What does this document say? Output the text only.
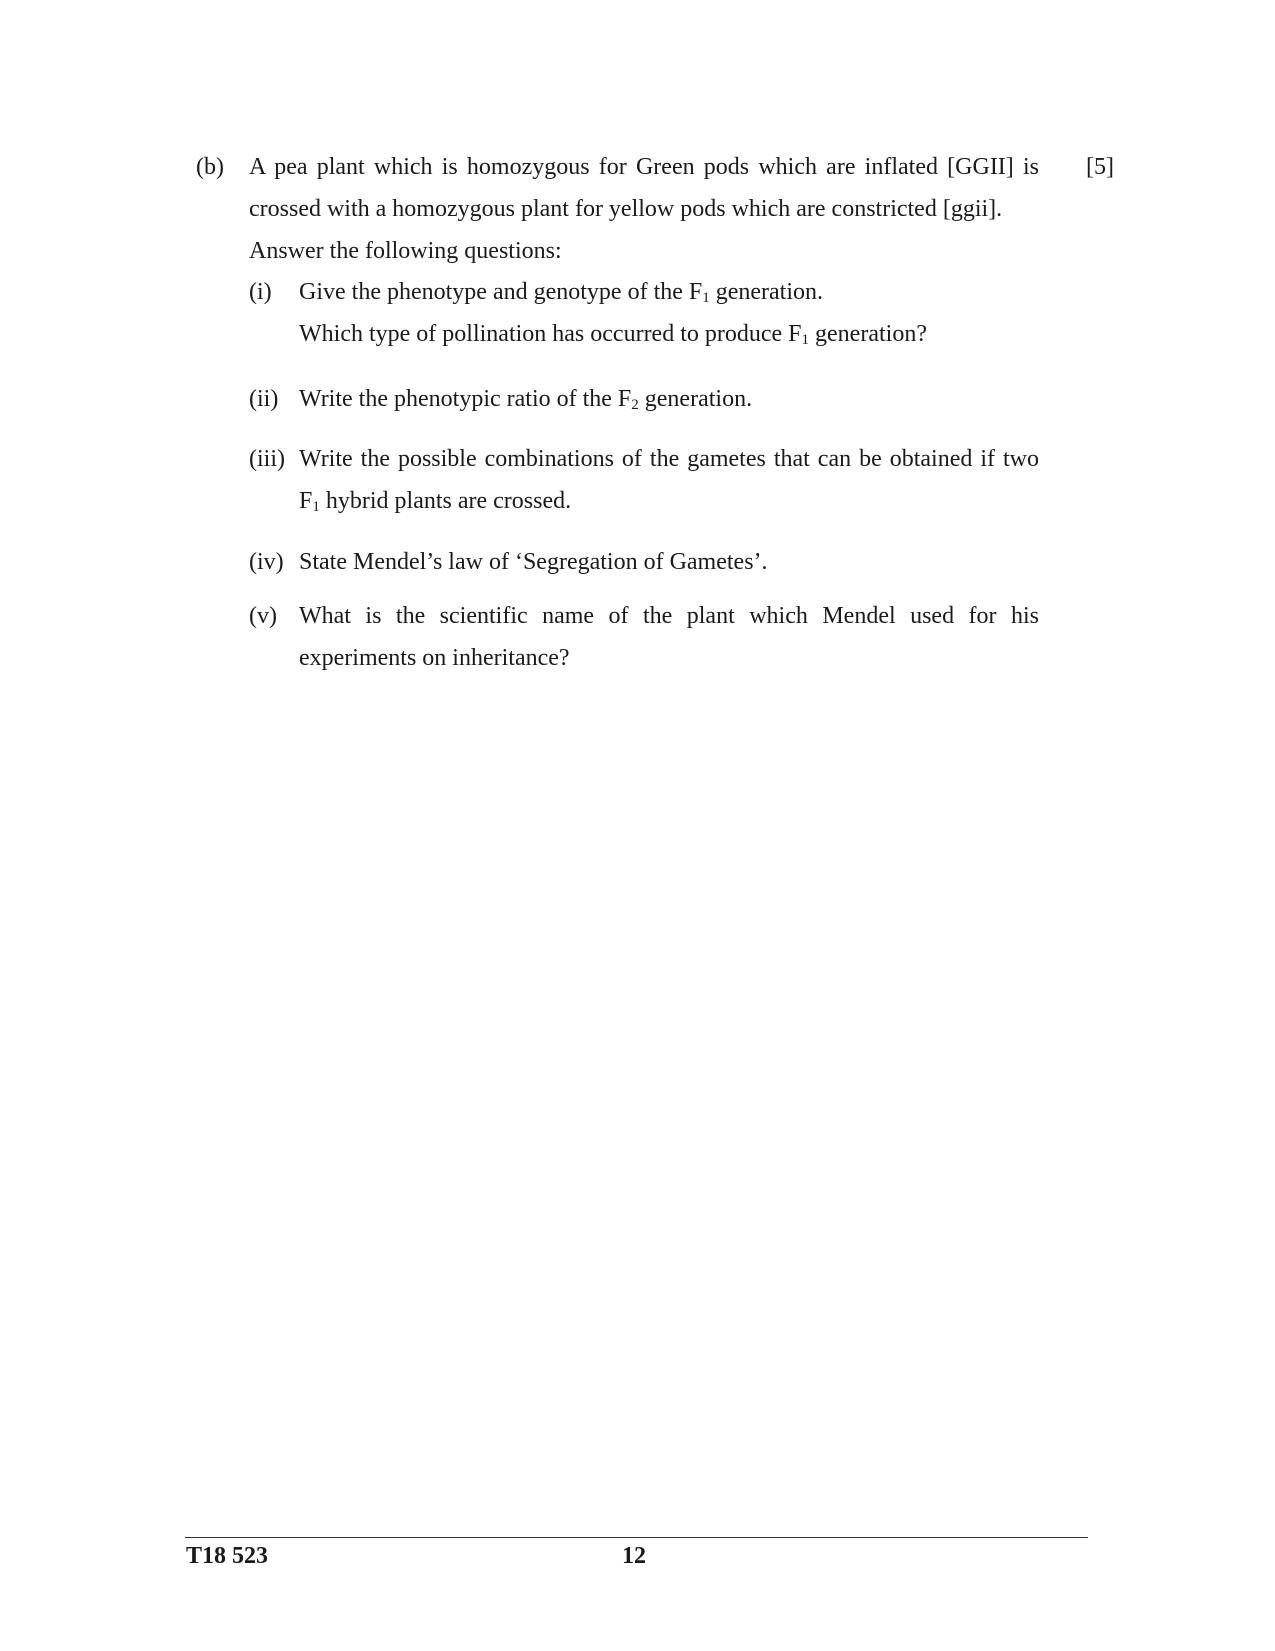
(b)	[5]
A pea plant which is homozygous for Green pods which are inflated [GGII] is
crossed with a homozygous plant for yellow pods which are constricted [ggii].
Answer the following questions:
(i) Give the phenotype and genotype of the $F_1$ generation.
Which type of pollination has occurred to produce $F_1$ generation?
(ii) Write the phenotypic ratio of the $F_2$ generation.
(iii) Write the possible combinations of the gametes that can be obtained if two
$F_1$ hybrid plants are crossed.
(iv) State Mendel’s law of ‘Segregation of Gametes’.
(v) What is the scientific name of the plant which Mendel used for his
experiments on inheritance?
T18 523	12
